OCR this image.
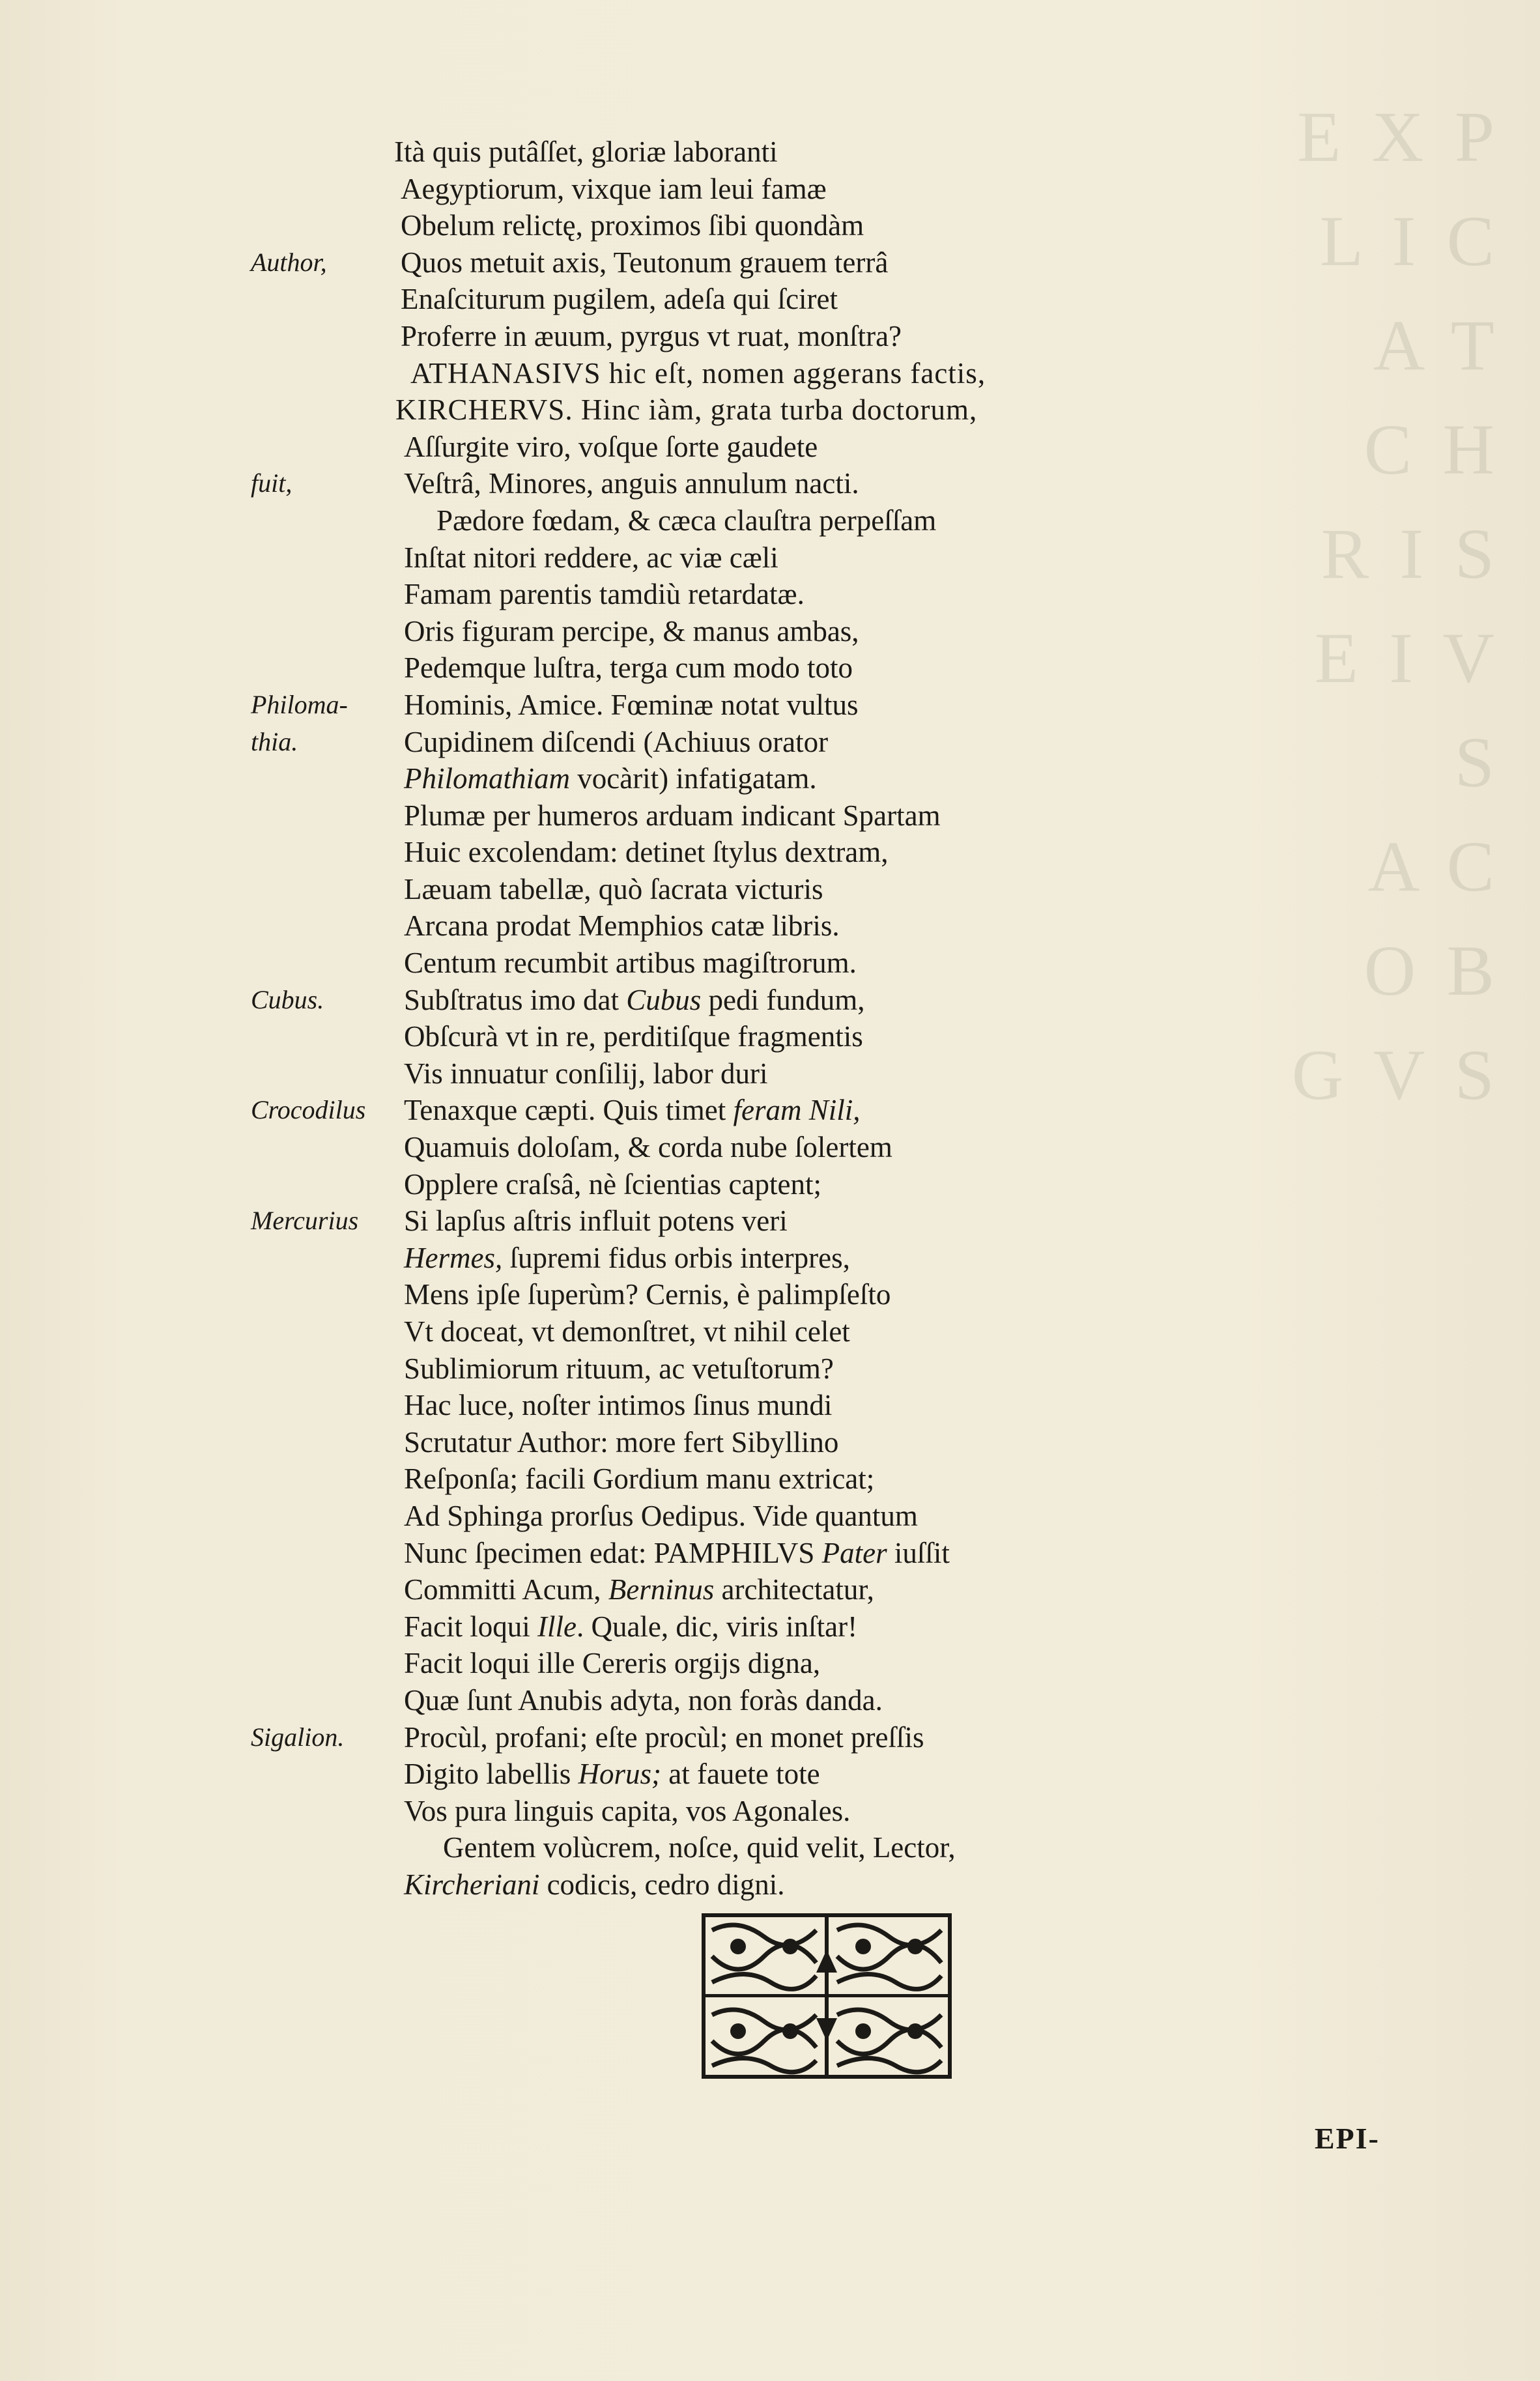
E X P L I C A T
C H R I S
E I V S
A C O B
G V S
Ità quis putâſſet, gloriæ laboranti
Aegyptiorum, vixque iam leui famæ
Obelum relictę, proximos ſibi quondàm
Author,	Quos metuit axis, Teutonum grauem terrâ
Enaſciturum pugilem, adeſa qui ſciret
Proferre in æuum, pyrgus vt ruat, monſtra?
ATHANASIVS hic eſt, nomen aggerans factis,
KIRCHERVS. Hinc iàm, grata turba doctorum,
Aſſurgite viro, voſque ſorte gaudete
fuit,	Veſtrâ, Minores, anguis annulum nacti.
Pædore fœdam, & cæca clauſtra perpeſſam
Inſtat nitori reddere, ac viæ cæli
Famam parentis tamdiù retardatæ.
Oris figuram percipe, & manus ambas,
Pedemque luſtra, terga cum modo toto
Philoma- Hominis, Amice. Fœminæ notat vultus
thia.	Cupidinem diſcendi (Achiuus orator
Philomathiam vocàrit) infatigatam.
Plumæ per humeros arduam indicant Spartam
Huic excolendam: detinet ſtylus dextram,
Læuam tabellæ, quò ſacrata victuris
Arcana prodat Memphios catæ libris.
Centum recumbit artibus magiſtrorum.
Cubus.	Subſtratus imo dat Cubus pedi fundum,
Obſcurà vt in re, perditiſque fragmentis
Vis innuatur conſilij, labor duri
Crocodilus Tenaxque cæpti. Quis timet feram Nili,
Quamuis doloſam, & corda nube ſolertem
Opplere craſsâ, nè ſcientias captent;
Mercurius Si lapſus aſtris influit potens veri
Hermes, ſupremi fidus orbis interpres,
Mens ipſe ſuperùm? Cernis, è palimpſeſto
Vt doceat, vt demonſtret, vt nihil celet
Sublimiorum rituum, ac vetuſtorum?
Hac luce, noſter intimos ſinus mundi
Scrutatur Author: more fert Sibyllino
Reſponſa; facili Gordium manu extricat;
Ad Sphinga prorſus Oedipus. Vide quantum
Nunc ſpecimen edat: PAMPHILVS Pater iuſſit
Committi Acum, Berninus architectatur,
Facit loqui Ille. Quale, dic, viris inſtar!
Facit loqui ille Cereris orgijs digna,
Quæ ſunt Anubis adyta, non foràs danda.
Sigalion. Procùl, profani; eſte procùl; en monet preſſis
Digito labellis Horus; at fauete tote
Vos pura linguis capita, vos Agonales.
Gentem volùcrem, noſce, quid velit, Lector,
Kircheriani codicis, cedro digni.
EPI-
